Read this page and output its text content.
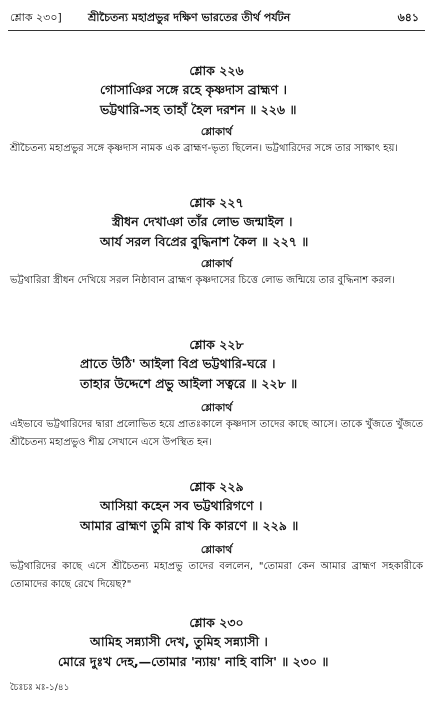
শ্লোক ২৩০] শ্রীচৈতন্য মহাপ্রভুর দক্ষিণ ভারতের তীর্থ পর্যটন	৬৪১
শ্লোক ২২৬
গোসাঞির সঙ্গে রহে কৃষ্ণদাস ব্রাহ্মণ ।
ভট্টথারি-সহ তাহাঁ হৈল দরশন ॥ ২২৬ ॥
শ্লোকার্থ
শ্রীচৈতন্য মহাপ্রভুর সঙ্গে কৃষ্ণদাস নামক এক ব্রাহ্মণ-ভৃত্য ছিলেন। ভট্টথারিদের সঙ্গে তার সাক্ষাৎ হয়।
শ্লোক ২২৭
স্ত্রীধন দেখাঞা তাঁর লোভ জন্মাইল ।
আর্য সরল বিপ্রের বুদ্ধিনাশ কৈল ॥ ২২৭ ॥
শ্লোকার্থ
ভট্টথারিরা স্ত্রীধন দেখিয়ে সরল নিষ্ঠাবান ব্রাহ্মণ কৃষ্ণদাসের চিত্তে লোভ জন্মিয়ে তার বুদ্ধিনাশ করল।
শ্লোক ২২৮
প্রাতে উঠি' আইলা বিপ্র ভট্টথারি-ঘরে ।
তাহার উদ্দেশে প্রভু আইলা সত্বরে ॥ ২২৮ ॥
শ্লোকার্থ
এইভাবে ভট্টথারিদের দ্বারা প্রলোভিত হয়ে প্রাতঃকালে কৃষ্ণদাস তাদের কাছে আসে। তাকে খুঁজতে খুঁজতে শ্রীচৈতন্য মহাপ্রভুও শীঘ্র সেখানে এসে উপস্থিত হন।
শ্লোক ২২৯
আসিয়া কহেন সব ভট্টথারিগণে ।
আমার ব্রাহ্মণ তুমি রাখ কি কারণে ॥ ২২৯ ॥
শ্লোকার্থ
ভট্টথারিদের কাছে এসে শ্রীচৈতন্য মহাপ্রভু তাদের বললেন, "তোমরা কেন আমার ব্রাহ্মণ সহকারীকে তোমাদের কাছে রেখে দিয়েছ?"
শ্লোক ২৩০
আমিহ সন্ন্যাসী দেখ, তুমিহ সন্ন্যাসী ।
মোরে দুঃখ দেহ,—তোমার 'ন্যায়' নাহি বাসি' ॥ ২৩০ ॥
চৈঃচঃ মঃ-১/৪১
